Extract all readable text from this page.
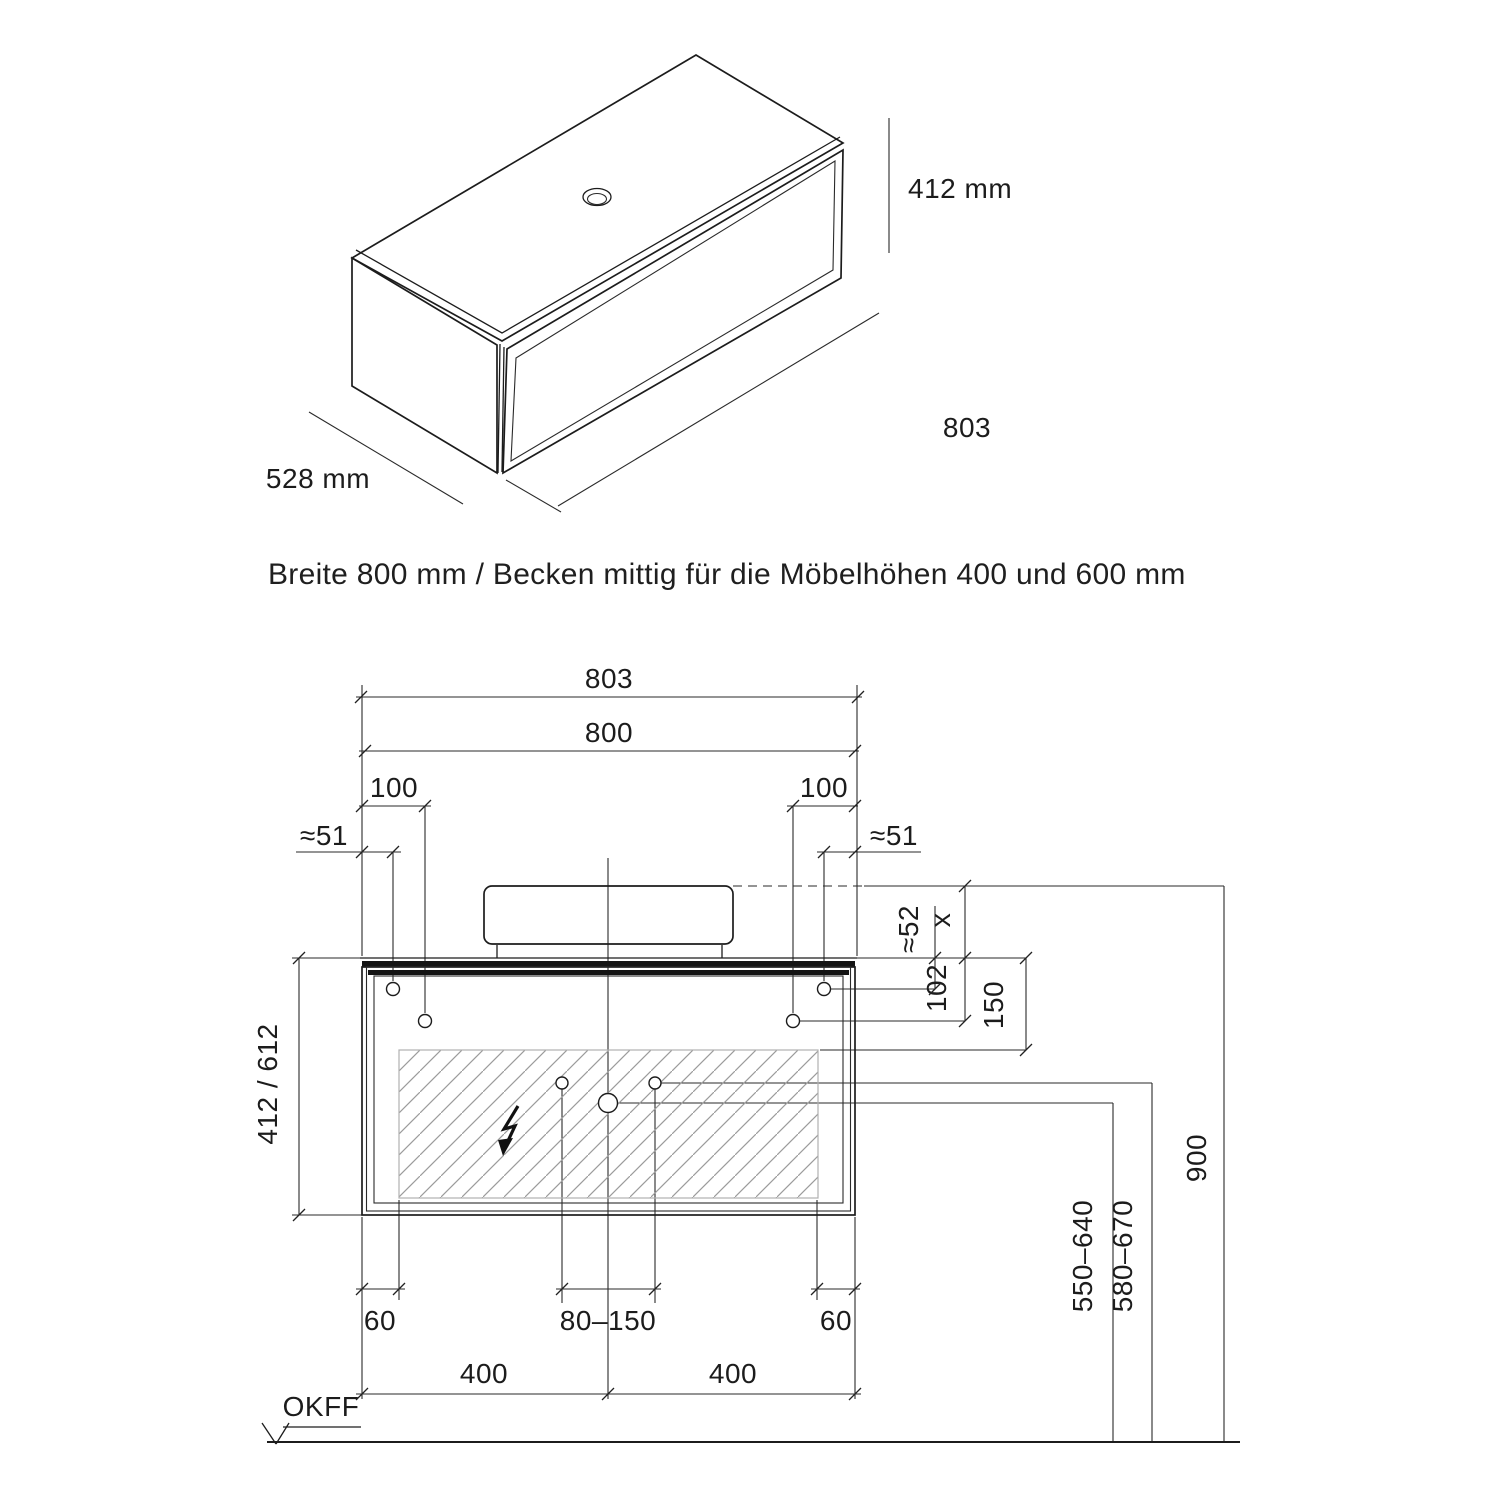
412 mm
803
528 mm
Breite 800 mm / Becken mittig für die Möbelhöhen 400 und 600 mm
803
800
100	100
≈51	≈51
≈52 x
102 150
550–640 580–670
900
412 / 612
60	80–150	60
400	400
OKFF
